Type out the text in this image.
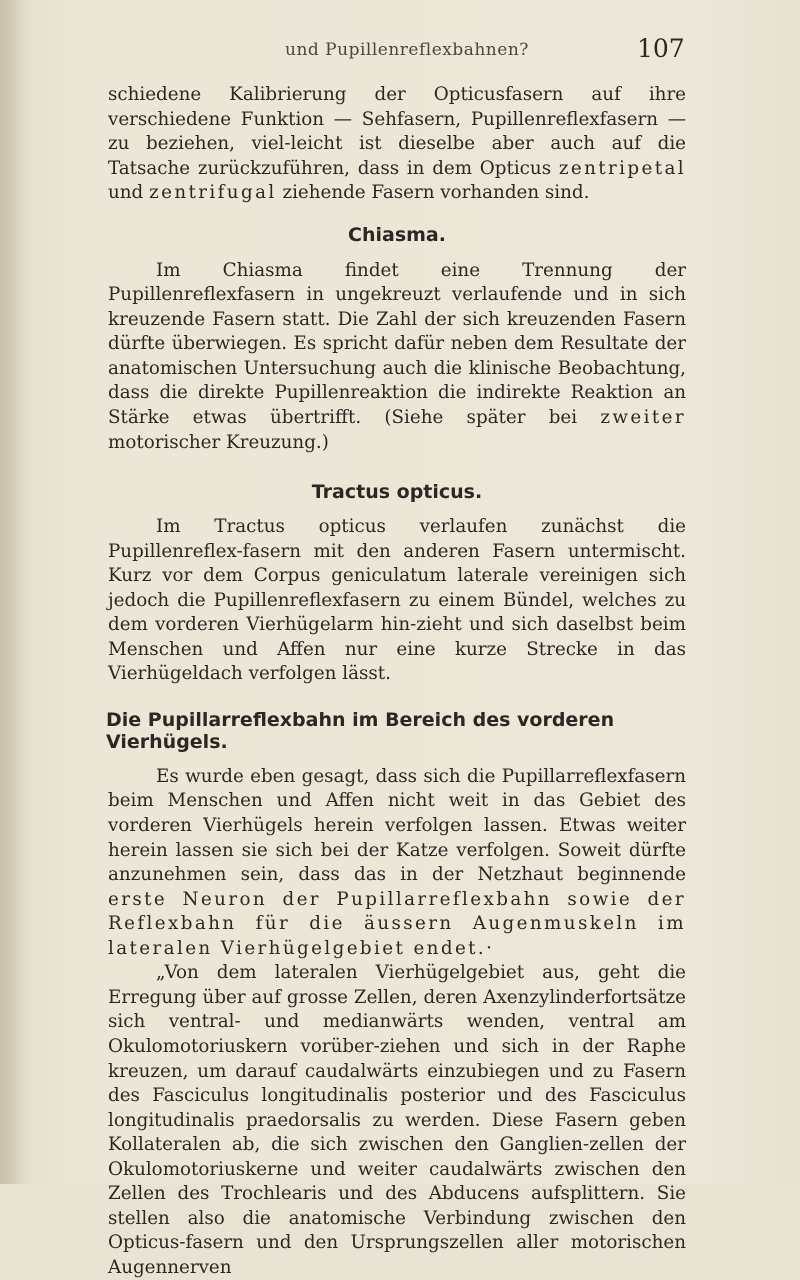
und Pupillenreflexbahnen?	107

schiedene Kalibrierung der Opticusfasern auf ihre verschiedene Funktion — Sehfasern, Pupillenreflexfasern — zu beziehen, viel-leicht ist dieselbe aber auch auf die Tatsache zurückzuführen, dass in dem Opticus zentripetal und zentrifugal ziehende Fasern vorhanden sind.

Chiasma.

Im Chiasma findet eine Trennung der Pupillenreflexfasern in ungekreuzt verlaufende und in sich kreuzende Fasern statt. Die Zahl der sich kreuzenden Fasern dürfte überwiegen. Es spricht dafür neben dem Resultate der anatomischen Untersuchung auch die klinische Beobachtung, dass die direkte Pupillenreaktion die indirekte Reaktion an Stärke etwas übertrifft. (Siehe später bei zweiter motorischer Kreuzung.)

Tractus opticus.

Im Tractus opticus verlaufen zunächst die Pupillenreflex-fasern mit den anderen Fasern untermischt. Kurz vor dem Corpus geniculatum laterale vereinigen sich jedoch die Pupillenreflexfasern zu einem Bündel, welches zu dem vorderen Vierhügelarm hin-zieht und sich daselbst beim Menschen und Affen nur eine kurze Strecke in das Vierhügeldach verfolgen lässt.

Die Pupillarreflexbahn im Bereich des vorderen Vierhügels.

Es wurde eben gesagt, dass sich die Pupillarreflexfasern beim Menschen und Affen nicht weit in das Gebiet des vorderen Vierhügels herein verfolgen lassen. Etwas weiter herein lassen sie sich bei der Katze verfolgen. Soweit dürfte anzunehmen sein, dass das in der Netzhaut beginnende erste Neuron der Pupillarreflexbahn sowie der Reflexbahn für die äussern Augenmuskeln im lateralen Vierhügelgebiet endet.·

„Von dem lateralen Vierhügelgebiet aus, geht die Erregung über auf grosse Zellen, deren Axenzylinderfortsätze sich ventral- und medianwärts wenden, ventral am Okulomotoriuskern vorüber-ziehen und sich in der Raphe kreuzen, um darauf caudalwärts einzubiegen und zu Fasern des Fasciculus longitudinalis posterior und des Fasciculus longitudinalis praedorsalis zu werden. Diese Fasern geben Kollateralen ab, die sich zwischen den Ganglien-zellen der Okulomotoriuskerne und weiter caudalwärts zwischen den Zellen des Trochlearis und des Abducens aufsplittern. Sie stellen also die anatomische Verbindung zwischen den Opticus-fasern und den Ursprungszellen aller motorischen Augennerven
